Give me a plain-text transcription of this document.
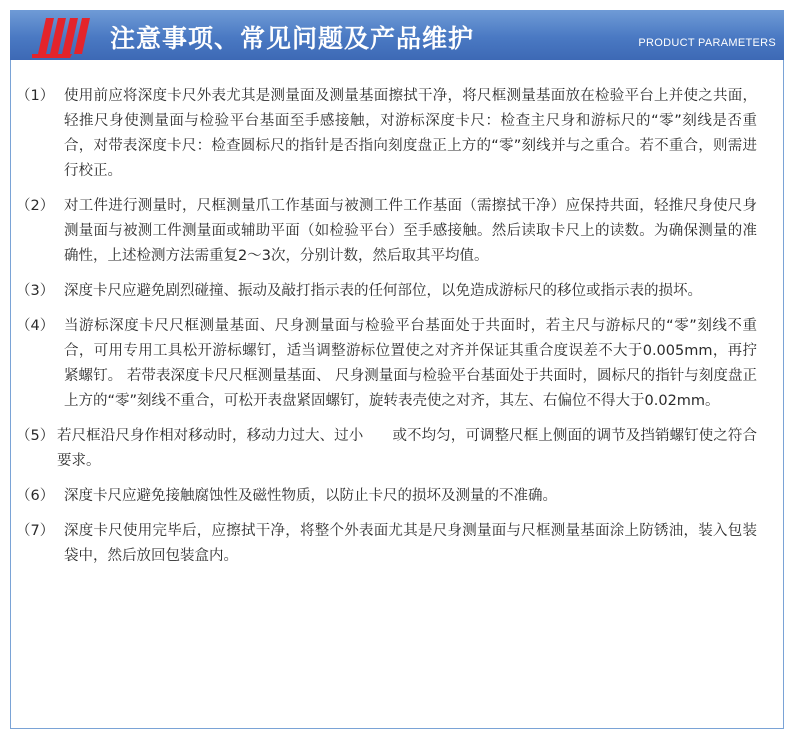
注意事项、常见问题及产品维护	PRODUCT PARAMETERS
（1） 使用前应将深度卡尺外表尤其是测量面及测量基面擦拭干净，将尺框测量基面放在检验平台上并使之共面，轻推尺身使测量面与检验平台基面至手感接触，对游标深度卡尺：检查主尺身和游标尺的“零”刻线是否重合，对带表深度卡尺：检查圆标尺的指针是否指向刻度盘正上方的“零”刻线并与之重合。若不重合，则需进行校正。
（2） 对工件进行测量时，尺框测量爪工作基面与被测工件工作基面（需擦拭干净）应保持共面，轻推尺身使尺身测量面与被测工件测量面或辅助平面（如检验平台）至手感接触。然后读取卡尺上的读数。为确保测量的准确性，上述检测方法需重复2～3次，分别计数，然后取其平均值。
（3） 深度卡尺应避免剧烈碰撞、振动及敲打指示表的任何部位，以免造成游标尺的移位或指示表的损坏。
（4） 当游标深度卡尺尺框测量基面、尺身测量面与检验平台基面处于共面时，若主尺与游标尺的“零”刻线不重合，可用专用工具松开游标螺钉，适当调整游标位置使之对齐并保证其重合度误差不大于0.005mm，再拧紧螺钉。 若带表深度卡尺尺框测量基面、 尺身测量面与检验平台基面处于共面时，圆标尺的指针与刻度盘正上方的“零”刻线不重合，可松开表盘紧固螺钉，旋转表壳使之对齐，其左、右偏位不得大于0.02mm。
（5） 若尺框沿尺身作相对移动时，移动力过大、过小　　或不均匀，可调整尺框上侧面的调节及挡销螺钉使之符合要求。
（6） 深度卡尺应避免接触腐蚀性及磁性物质，以防止卡尺的损坏及测量的不准确。
（7） 深度卡尺使用完毕后，应擦拭干净，将整个外表面尤其是尺身测量面与尺框测量基面涂上防锈油，装入包装袋中，然后放回包装盒内。
